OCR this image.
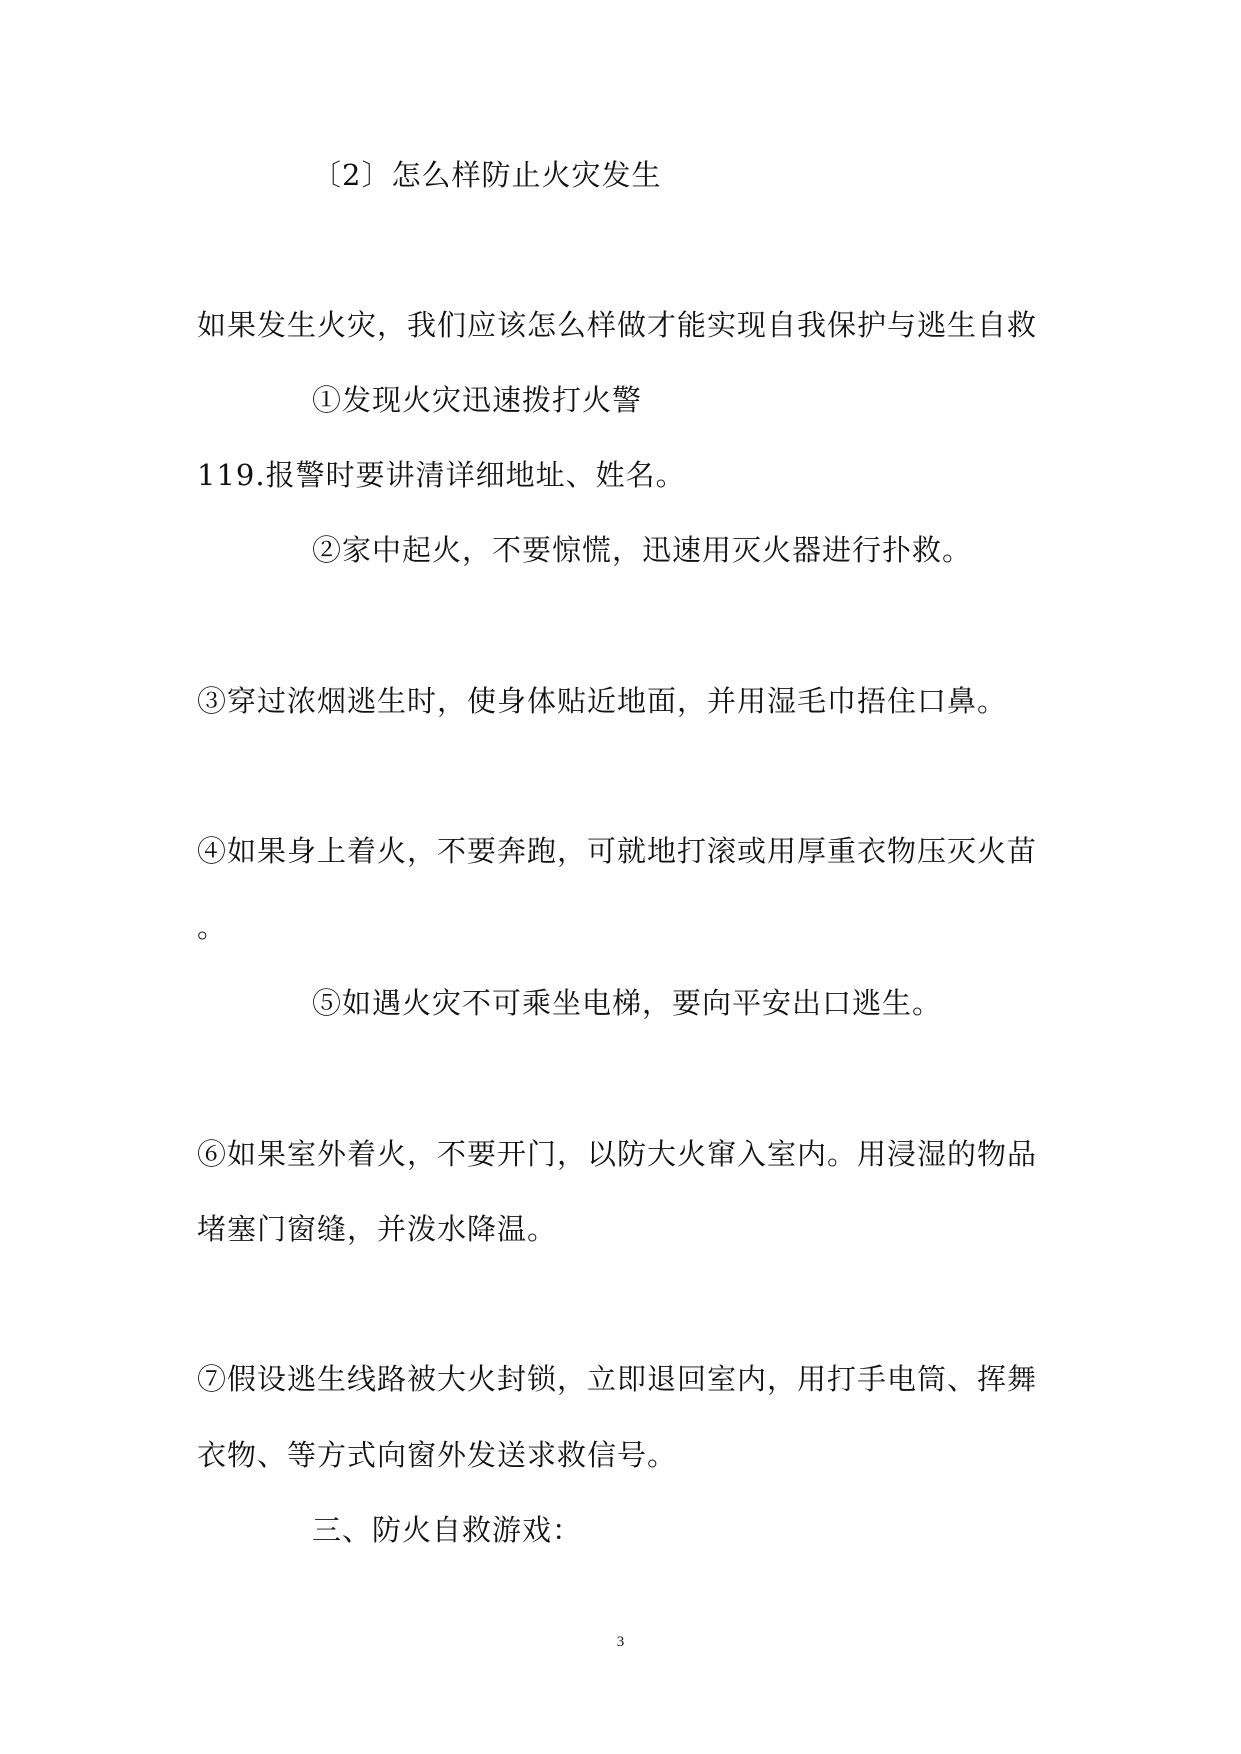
〔2〕怎么样防止火灾发生
如果发生火灾，我们应该怎么样做才能实现自我保护与逃生自救
①发现火灾迅速拨打火警
119.报警时要讲清详细地址、姓名。
②家中起火，不要惊慌，迅速用灭火器进行扑救。
③穿过浓烟逃生时，使身体贴近地面，并用湿毛巾捂住口鼻。
④如果身上着火，不要奔跑，可就地打滚或用厚重衣物压灭火苗
。
⑤如遇火灾不可乘坐电梯，要向平安出口逃生。
⑥如果室外着火，不要开门，以防大火窜入室内。用浸湿的物品
堵塞门窗缝，并泼水降温。
⑦假设逃生线路被大火封锁，立即退回室内，用打手电筒、挥舞
衣物、等方式向窗外发送求救信号。
三、防火自救游戏：
3
